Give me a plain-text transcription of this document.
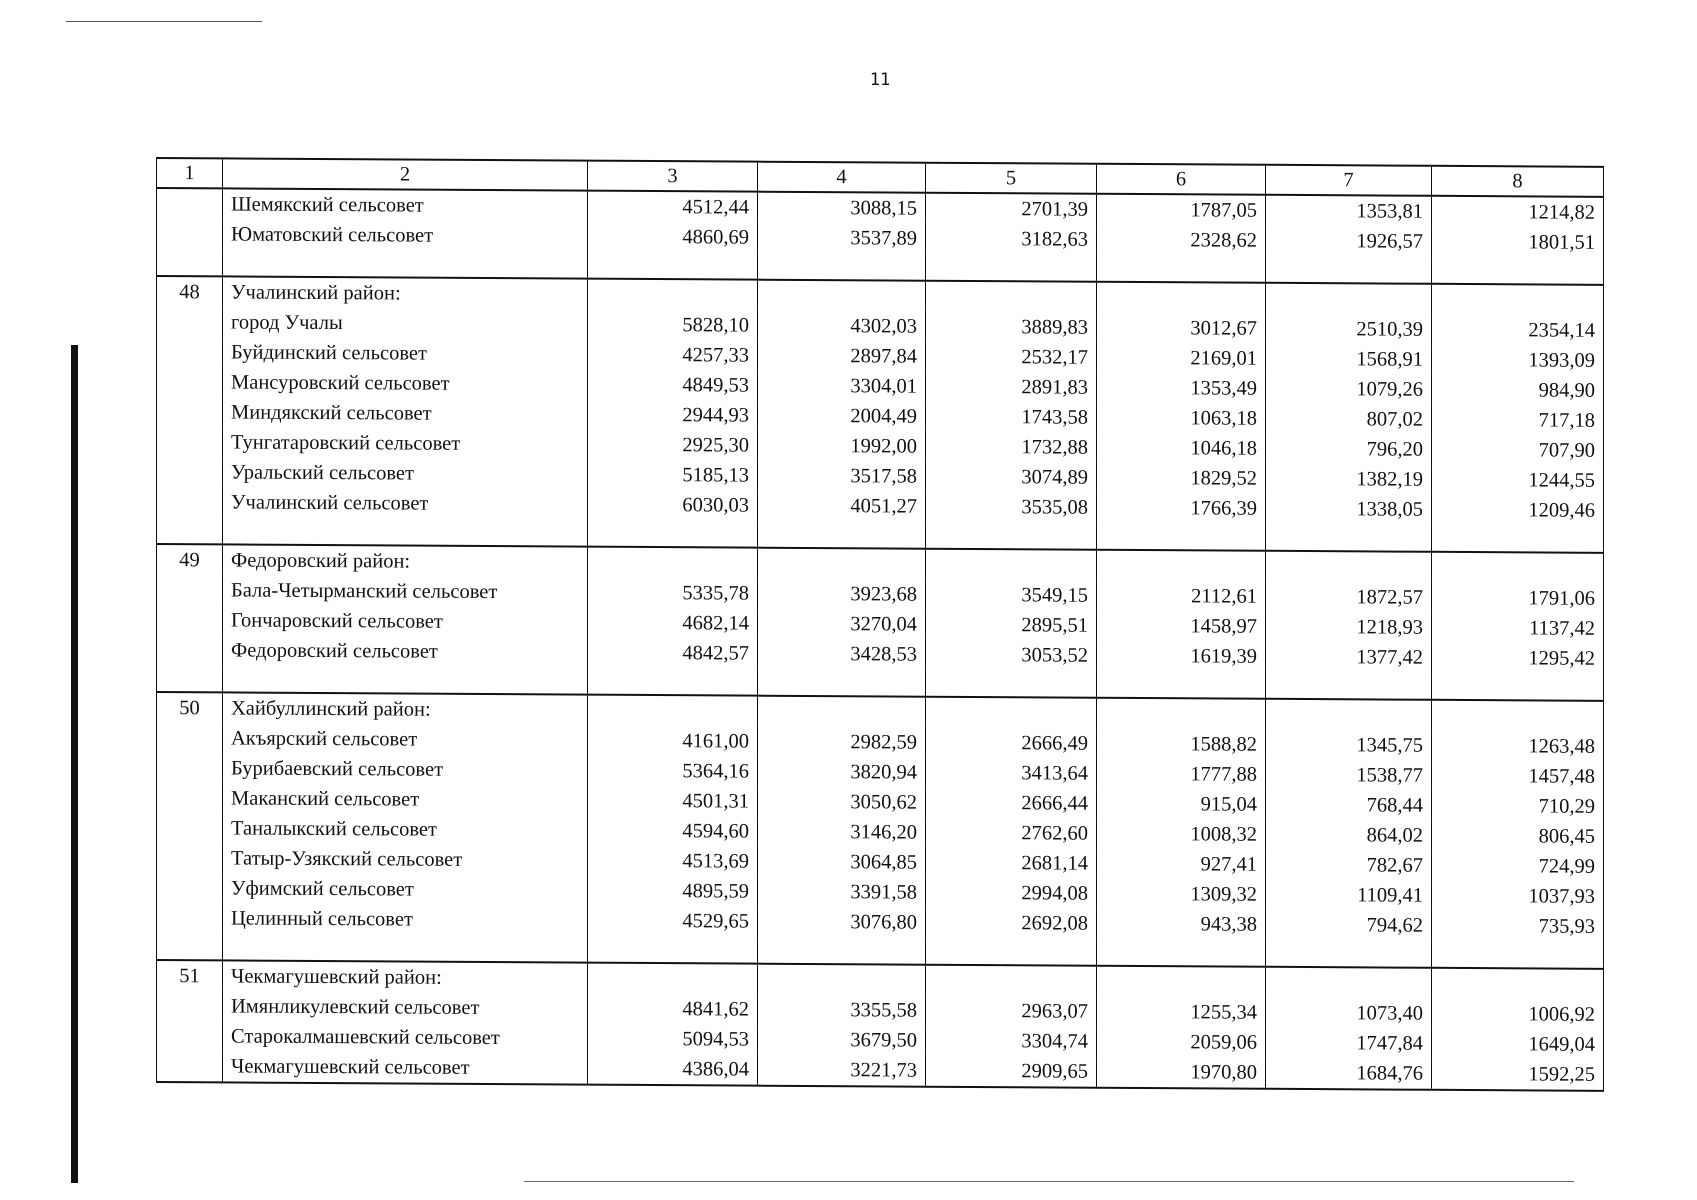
11
1	2	3	4	5	6	7	8
	Шемякский сельсовет	4512,44	3088,15	2701,39	1787,05	1353,81	1214,82
	Юматовский сельсовет	4860,69	3537,89	3182,63	2328,62	1926,57	1801,51

48	Учалинский район:						
	город Учалы	5828,10	4302,03	3889,83	3012,67	2510,39	2354,14
	Буйдинский сельсовет	4257,33	2897,84	2532,17	2169,01	1568,91	1393,09
	Мансуровский сельсовет	4849,53	3304,01	2891,83	1353,49	1079,26	984,90
	Миндякский сельсовет	2944,93	2004,49	1743,58	1063,18	807,02	717,18
	Тунгатаровский сельсовет	2925,30	1992,00	1732,88	1046,18	796,20	707,90
	Уральский сельсовет	5185,13	3517,58	3074,89	1829,52	1382,19	1244,55
	Учалинский сельсовет	6030,03	4051,27	3535,08	1766,39	1338,05	1209,46

49	Федоровский район:						
	Бала-Четырманский сельсовет	5335,78	3923,68	3549,15	2112,61	1872,57	1791,06
	Гончаровский сельсовет	4682,14	3270,04	2895,51	1458,97	1218,93	1137,42
	Федоровский сельсовет	4842,57	3428,53	3053,52	1619,39	1377,42	1295,42

50	Хайбуллинский район:						
	Акъярский сельсовет	4161,00	2982,59	2666,49	1588,82	1345,75	1263,48
	Бурибаевский сельсовет	5364,16	3820,94	3413,64	1777,88	1538,77	1457,48
	Маканский сельсовет	4501,31	3050,62	2666,44	915,04	768,44	710,29
	Таналыкский сельсовет	4594,60	3146,20	2762,60	1008,32	864,02	806,45
	Татыр-Узякский сельсовет	4513,69	3064,85	2681,14	927,41	782,67	724,99
	Уфимский сельсовет	4895,59	3391,58	2994,08	1309,32	1109,41	1037,93
	Целинный сельсовет	4529,65	3076,80	2692,08	943,38	794,62	735,93

51	Чекмагушевский район:						
	Имянликулевский сельсовет	4841,62	3355,58	2963,07	1255,34	1073,40	1006,92
	Старокалмашевский сельсовет	5094,53	3679,50	3304,74	2059,06	1747,84	1649,04
	Чекмагушевский сельсовет	4386,04	3221,73	2909,65	1970,80	1684,76	1592,25
